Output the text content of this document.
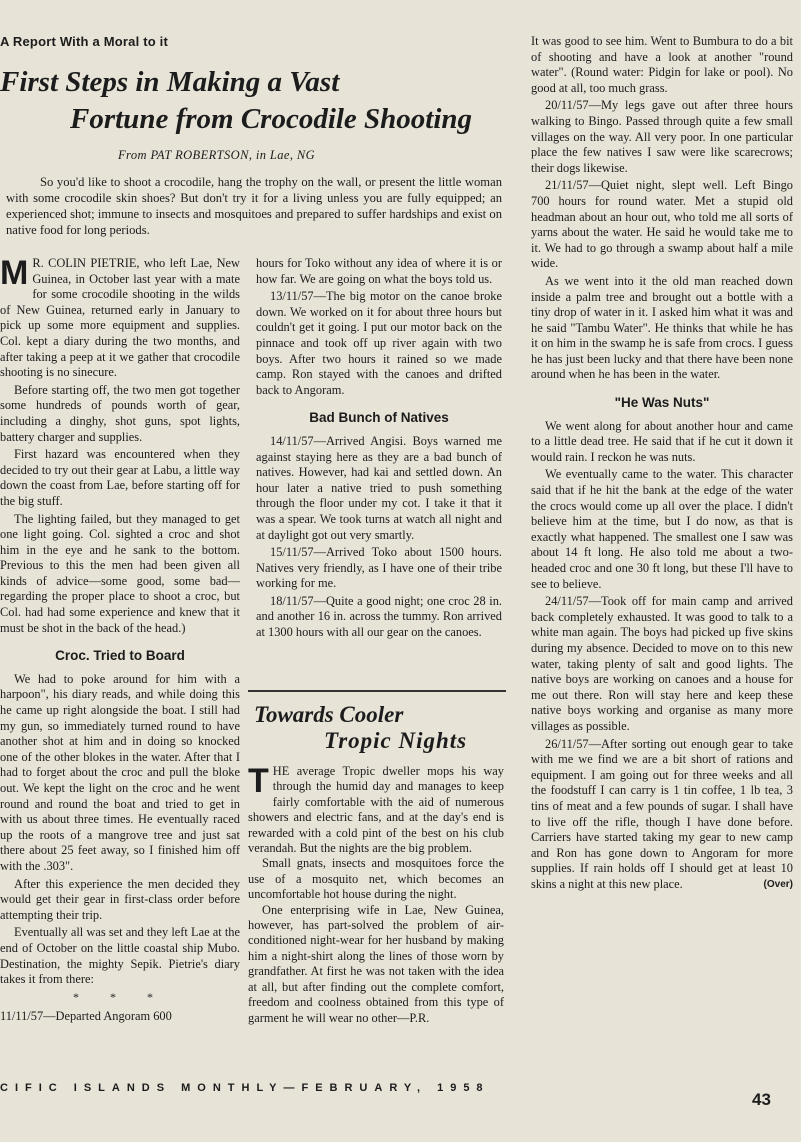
A Report With a Moral to it
First Steps in Making a Vast
Fortune from Crocodile Shooting
From PAT ROBERTSON, in Lae, NG

So you'd like to shoot a crocodile, hang the trophy on the wall, or present the little woman with some crocodile skin shoes? But don't try it for a living unless you are fully equipped; an experienced shot; immune to insects and mosquitoes and prepared to suffer hardships and exist on native food for long periods.

M R. COLIN PIETRIE, who left Lae, New Guinea, in October last year with a mate for some crocodile shooting in the wilds of New Guinea, returned early in January to pick up some more equipment and supplies. Col. kept a diary during the two months, and after taking a peep at it we gather that crocodile shooting is no sinecure.

Before starting off, the two men got together some hundreds of pounds worth of gear, including a dinghy, shot guns, spot lights, battery charger and supplies.

First hazard was encountered when they decided to try out their gear at Labu, a little way down the coast from Lae, before starting off for the big stuff.

The lighting failed, but they managed to get one light going. Col. sighted a croc and shot him in the eye and he sank to the bottom. Previous to this the men had been given all kinds of advice—some good, some bad—regarding the proper place to shoot a croc, but Col. had had some experience and knew that it must be shot in the back of the head.)

Croc. Tried to Board

We had to poke around for him with a harpoon", his diary reads, and while doing this he came up right alongside the boat. I still had my gun, so immediately turned round to have another shot at him and in doing so knocked one of the other blokes in the water. After that I had to forget about the croc and pull the bloke out. We kept the light on the croc and he went round and round the boat and tried to get in with us about three times. He eventually raced up the roots of a mangrove tree and just sat there about 25 feet away, so I finished him off with the .303".

After this experience the men decided they would get their gear in first-class order before attempting their trip.

Eventually all was set and they left Lae at the end of October on the little coastal ship Mubo. Destination, the mighty Sepik. Pietrie's diary takes it from there:

* * *

11/11/57—Departed Angoram 600

hours for Toko without any idea of where it is or how far. We are going on what the boys told us.

13/11/57—The big motor on the canoe broke down. We worked on it for about three hours but couldn't get it going. I put our motor back on the pinnace and took off up river again with two boys. After two hours it rained so we made camp. Ron stayed with the canoes and drifted back to Angoram.

Bad Bunch of Natives

14/11/57—Arrived Angisi. Boys warned me against staying here as they are a bad bunch of natives. However, had kai and settled down. An hour later a native tried to push something through the floor under my cot. I take it that it was a spear. We took turns at watch all night and at daylight got out very smartly.

15/11/57—Arrived Toko about 1500 hours. Natives very friendly, as I have one of their tribe working for me.

18/11/57—Quite a good night; one croc 28 in. and another 16 in. across the tummy. Ron arrived at 1300 hours with all our gear on the canoes.

Towards Cooler
Tropic Nights

THE average Tropic dweller mops his way through the humid day and manages to keep fairly comfortable with the aid of numerous showers and electric fans, and at the day's end is rewarded with a cold pint of the best on his club verandah. But the nights are the big problem.

Small gnats, insects and mosquitoes force the use of a mosquito net, which becomes an uncomfortable hot house during the night.

One enterprising wife in Lae, New Guinea, however, has part-solved the problem of air-conditioned night-wear for her husband by making him a night-shirt along the lines of those worn by grandfather. At first he was not taken with the idea at all, but after finding out the complete comfort, freedom and coolness obtained from this type of garment he will wear no other—P.R.

It was good to see him. Went to Bumbura to do a bit of shooting and have a look at another "round water". (Round water: Pidgin for lake or pool). No good at all, too much grass.

20/11/57—My legs gave out after three hours walking to Bingo. Passed through quite a few small villages on the way. All very poor. In one particular place the few natives I saw were like scarecrows; their dogs likewise.

21/11/57—Quiet night, slept well. Left Bingo 700 hours for round water. Met a stupid old headman about an hour out, who told me all sorts of yarns about the water. He said he would take me to it. We had to go through a swamp about half a mile wide.

As we went into it the old man reached down inside a palm tree and brought out a bottle with a tiny drop of water in it. I asked him what it was and he said "Tambu Water". He thinks that while he has it on him in the swamp he is safe from crocs. I guess he has just been lucky and that there have been none around when he has been in the water.

"He Was Nuts"

We went along for about another hour and came to a little dead tree. He said that if he cut it down it would rain. I reckon he was nuts.

We eventually came to the water. This character said that if he hit the bank at the edge of the water the crocs would come up all over the place. I didn't believe him at the time, but I do now, as that is exactly what happened. The smallest one I saw was about 14 ft long. He also told me about a two-headed croc and one 30 ft long, but these I'll have to see to believe.

24/11/57—Took off for main camp and arrived back completely exhausted. It was good to talk to a white man again. The boys had picked up five skins during my absence. Decided to move on to this new water, taking plenty of salt and good lights. The native boys are working on canoes and a house for me out there. Ron will stay here and keep these native boys working and organise as many more villages as possible.

26/11/57—After sorting out enough gear to take with me we find we are a bit short of rations and equipment. I am going out for three weeks and all the foodstuff I can carry is 1 tin coffee, 1 lb tea, 3 tins of meat and a few pounds of sugar. I shall have to live off the rifle, though I have done before. Carriers have started taking my gear to new camp and Ron has gone down to Angoram for more supplies. If rain holds off I should get at least 10 skins a night at this new place.	(Over)

CIFIC ISLANDS MONTHLY—FEBRUARY, 1958
43
